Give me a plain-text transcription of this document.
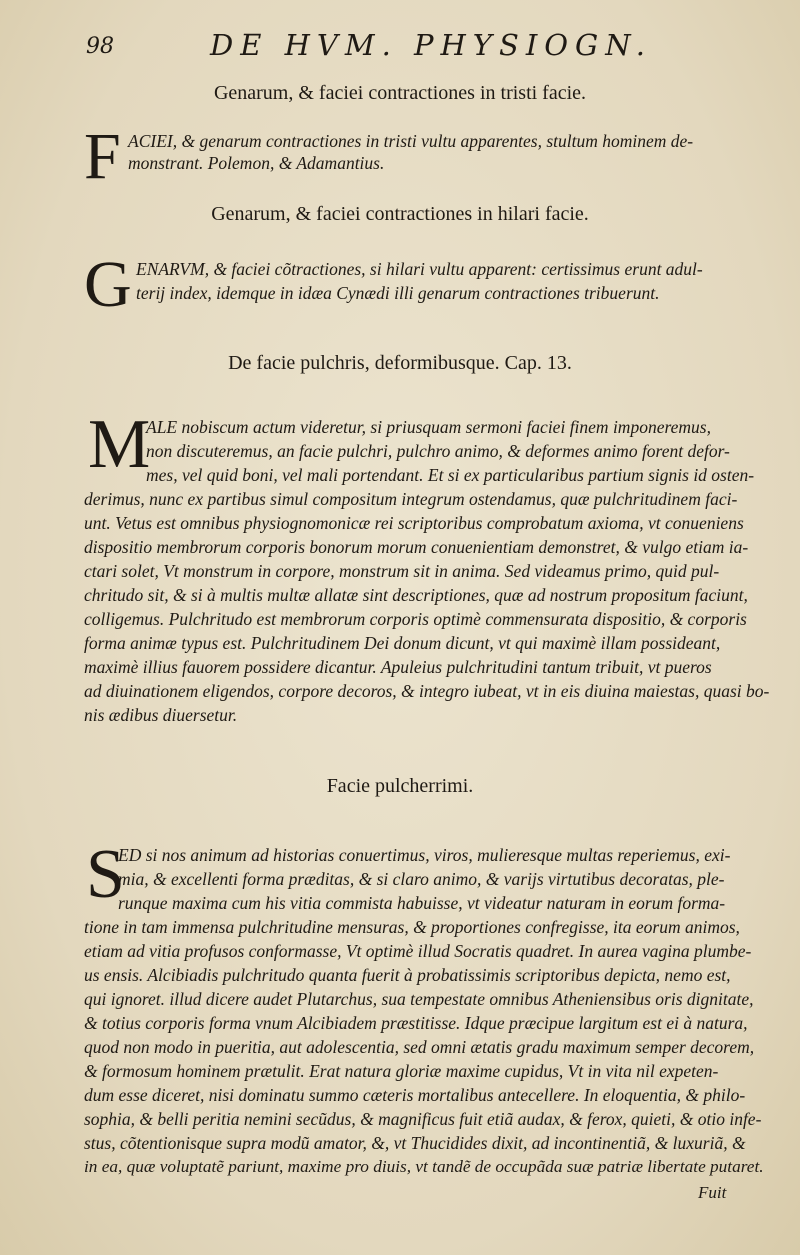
98	DE HVM. PHYSIOGN.
Genarum, & faciei contractiones in tristi facie.
F ACIEI, & genarum contractiones in tristi vultu apparentes, stultum hominem de-
monstrant. Polemon, & Adamantius.
Genarum, & faciei contractiones in hilari facie.
G ENARVM, & faciei cõtractiones, si hilari vultu apparent: certissimus erunt adul-
terij index, idemque in idæa Cynædi illi genarum contractiones tribuerunt.
De facie pulchris, deformibusque. Cap. 13.
M
ALE nobiscum actum videretur, si priusquam sermoni faciei finem imponeremus,
non discuteremus, an facie pulchri, pulchro animo, & deformes animo forent defor-
mes, vel quid boni, vel mali portendant. Et si ex particularibus partium signis id osten-
derimus, nunc ex partibus simul compositum integrum ostendamus, quæ pulchritudinem faci-
unt. Vetus est omnibus physiognomonicæ rei scriptoribus comprobatum axioma, vt conueniens
dispositio membrorum corporis bonorum morum conuenientiam demonstret, & vulgo etiam ia-
ctari solet, Vt monstrum in corpore, monstrum sit in anima. Sed videamus primo, quid pul-
chritudo sit, & si à multis multæ allatæ sint descriptiones, quæ ad nostrum propositum faciunt,
colligemus. Pulchritudo est membrorum corporis optimè commensurata dispositio, & corporis
forma animæ typus est. Pulchritudinem Dei donum dicunt, vt qui maximè illam possideant,
maximè illius fauorem possidere dicantur. Apuleius pulchritudini tantum tribuit, vt pueros
ad diuinationem eligendos, corpore decoros, & integro iubeat, vt in eis diuina maiestas, quasi bo-
nis ædibus diuersetur.
Facie pulcherrimi.
S
ED si nos animum ad historias conuertimus, viros, mulieresque multas reperiemus, exi-
mia, & excellenti forma præditas, & si claro animo, & varijs virtutibus decoratas, ple-
runque maxima cum his vitia commista habuisse, vt videatur naturam in eorum forma-
tione in tam immensa pulchritudine mensuras, & proportiones confregisse, ita eorum animos,
etiam ad vitia profusos conformasse, Vt optimè illud Socratis quadret. In aurea vagina plumbe-
us ensis. Alcibiadis pulchritudo quanta fuerit à probatissimis scriptoribus depicta, nemo est,
qui ignoret. illud dicere audet Plutarchus, sua tempestate omnibus Atheniensibus oris dignitate,
& totius corporis forma vnum Alcibiadem præstitisse. Idque præcipue largitum est ei à natura,
quod non modo in pueritia, aut adolescentia, sed omni ætatis gradu maximum semper decorem,
& formosum hominem prætulit. Erat natura gloriæ maxime cupidus, Vt in vita nil expeten-
dum esse diceret, nisi dominatu summo cæteris mortalibus antecellere. In eloquentia, & philo-
sophia, & belli peritia nemini secũdus, & magnificus fuit etiã audax, & ferox, quieti, & otio infe-
stus, cõtentionisque supra modũ amator, &, vt Thucidides dixit, ad incontinentiã, & luxuriã, &
in ea, quæ voluptatẽ pariunt, maxime pro diuis, vt tandẽ de occupãda suæ patriæ libertate putaret.
Fuit
